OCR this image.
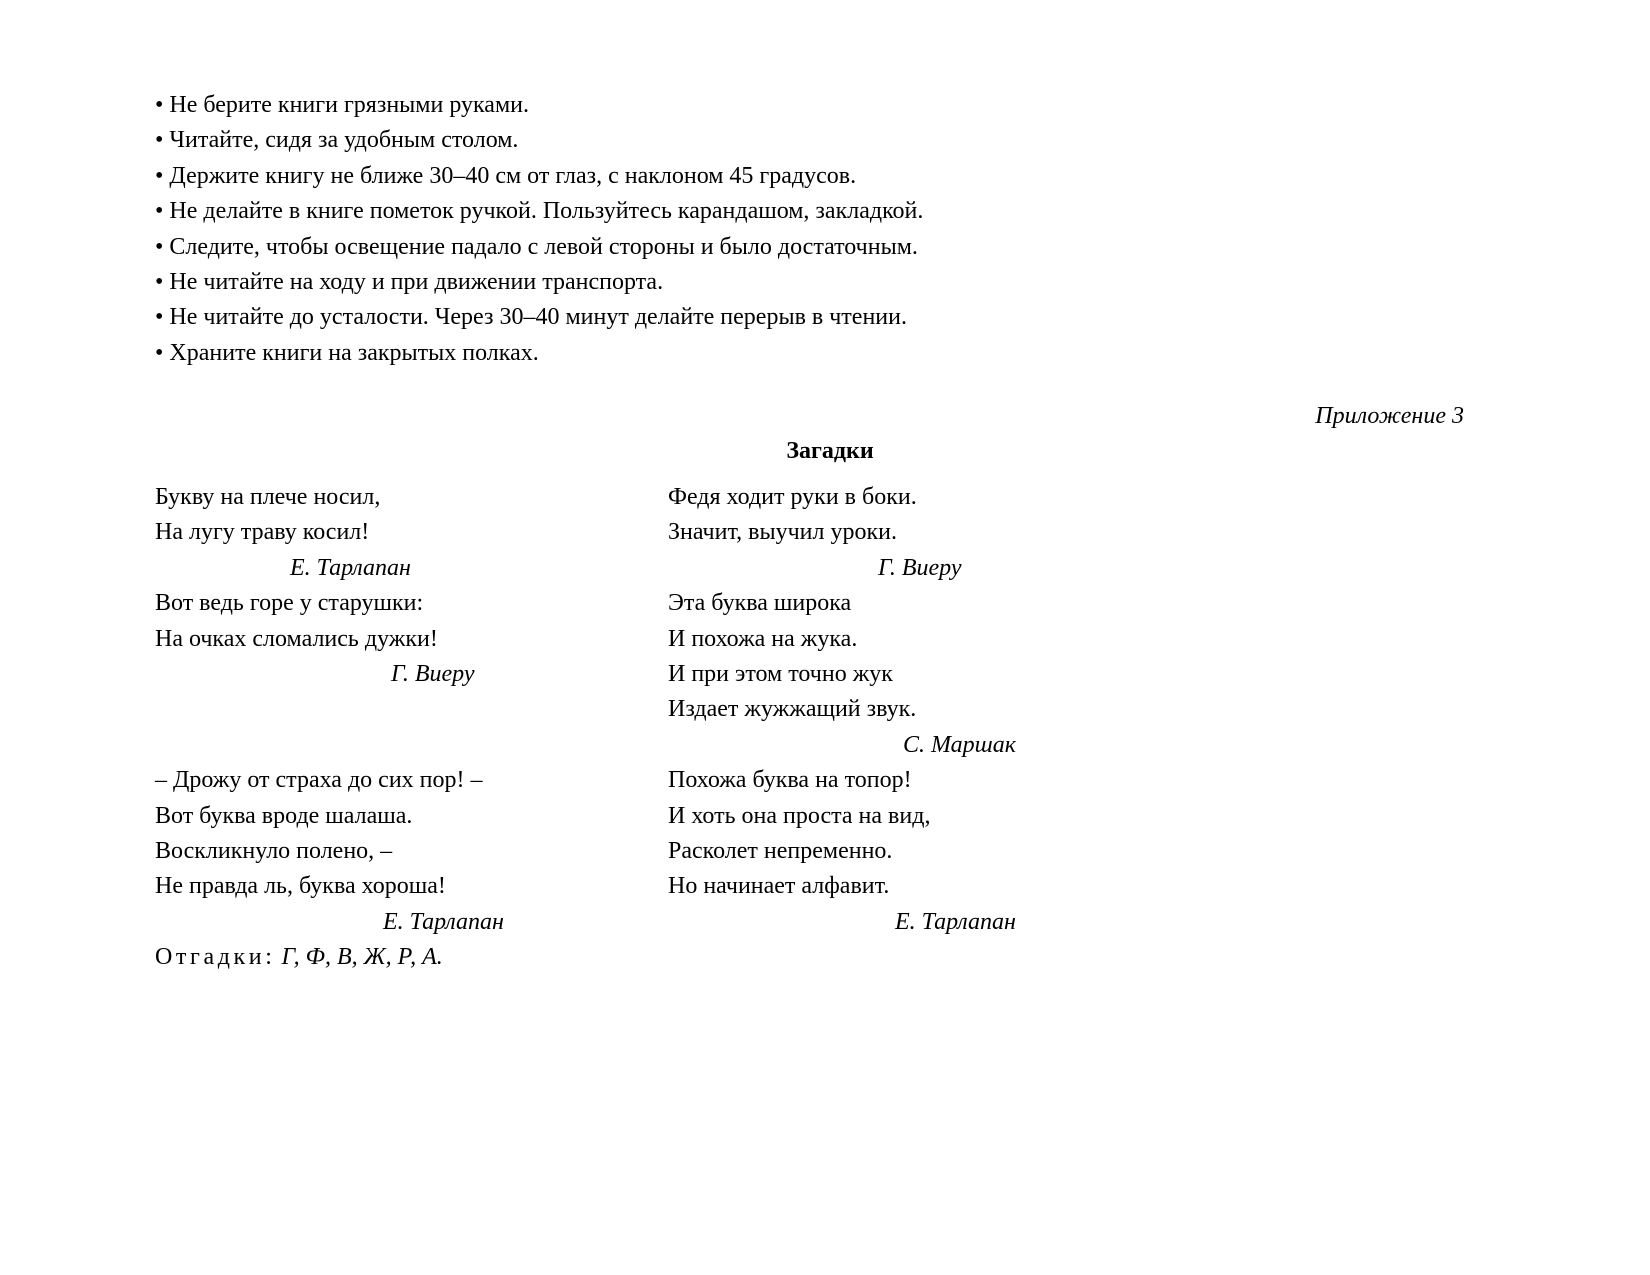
• Не берите книги грязными руками.
• Читайте, сидя за удобным столом.
• Держите книгу не ближе 30–40 см от глаз, с наклоном 45 градусов.
• Не делайте в книге пометок ручкой. Пользуйтесь карандашом, закладкой.
• Следите, чтобы освещение падало с левой стороны и было достаточным.
• Не читайте на ходу и при движении транспорта.
• Не читайте до усталости. Через 30–40 минут делайте перерыв в чтении.
• Храните книги на закрытых полках.
Приложение 3
Загадки
Букву на плече носил,
На лугу траву косил!
Е. Тарлапан
Вот ведь горе у старушки:
На очках сломались дужки!
Г. Виеру
– Дрожу от страха до сих пор! –
Вот буква вроде шалаша.
Воскликнуло полено, –
Не правда ль, буква хороша!
Е. Тарлапан
Отгадки: Г, Ф, В, Ж, Р, А.
Федя ходит руки в боки.
Значит, выучил уроки.
Г. Виеру
Эта буква широка
И похожа на жука.
И при этом точно жук
Издает жужжащий звук.
С. Маршак
Похожа буква на топор!
И хоть она проста на вид,
Расколет непременно.
Но начинает алфавит.
Е. Тарлапан
